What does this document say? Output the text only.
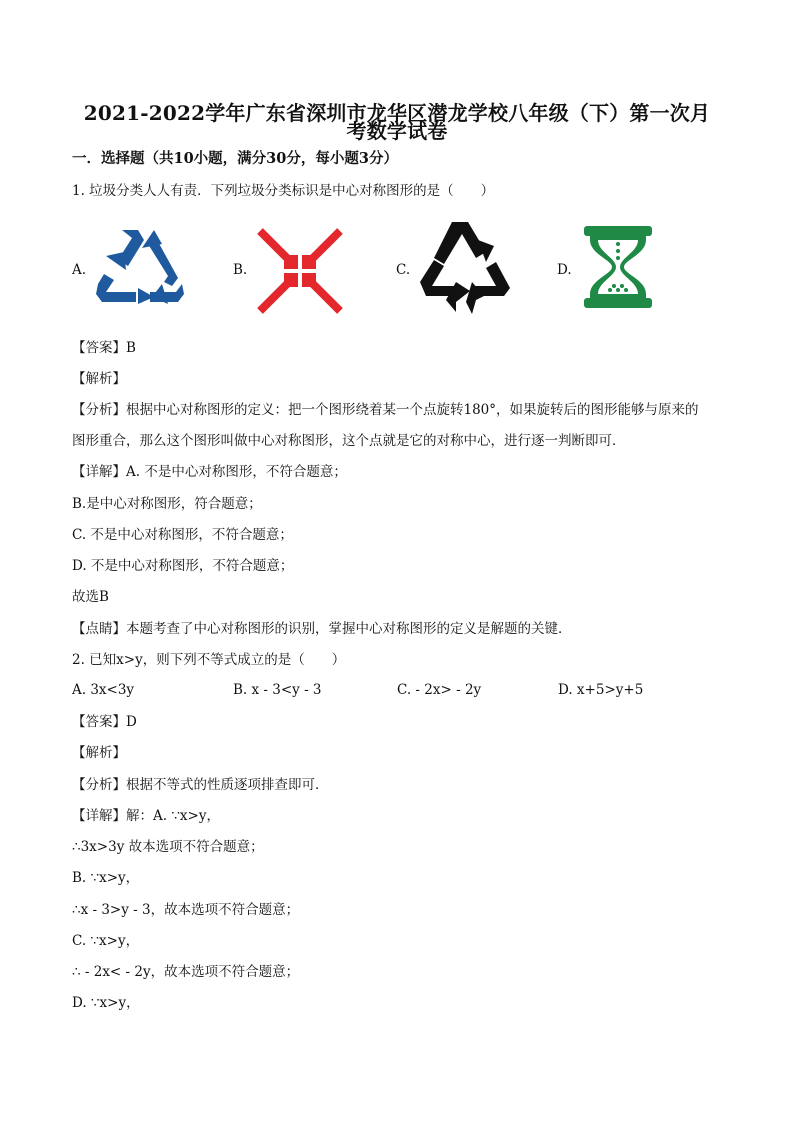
2021-2022学年广东省深圳市龙华区潜龙学校八年级（下）第一次月
考数学试卷
一．选择题（共10小题，满分30分，每小题3分）
1. 垃圾分类人人有责．下列垃圾分类标识是中心对称图形的是（　　）
A.	B.	C.	D.
【答案】B
【解析】
【分析】根据中心对称图形的定义：把一个图形绕着某一个点旋转180°，如果旋转后的图形能够与原来的
图形重合，那么这个图形叫做中心对称图形，这个点就是它的对称中心，进行逐一判断即可．
【详解】A. 不是中心对称图形，不符合题意；
B.是中心对称图形，符合题意；
C. 不是中心对称图形，不符合题意；
D. 不是中心对称图形，不符合题意；
故选B
【点睛】本题考查了中心对称图形的识别，掌握中心对称图形的定义是解题的关键．
2. 已知x>y，则下列不等式成立的是（　　）
A. 3x<3y	B. x - 3<y - 3	C. - 2x> - 2y	D. x+5>y+5
【答案】D
【解析】
【分析】根据不等式的性质逐项排查即可．
【详解】解：A. ∵x>y，
∴3x>3y 故本选项不符合题意；
B. ∵x>y，
∴x - 3>y - 3，故本选项不符合题意；
C. ∵x>y，
∴ - 2x< - 2y，故本选项不符合题意；
D. ∵x>y，
